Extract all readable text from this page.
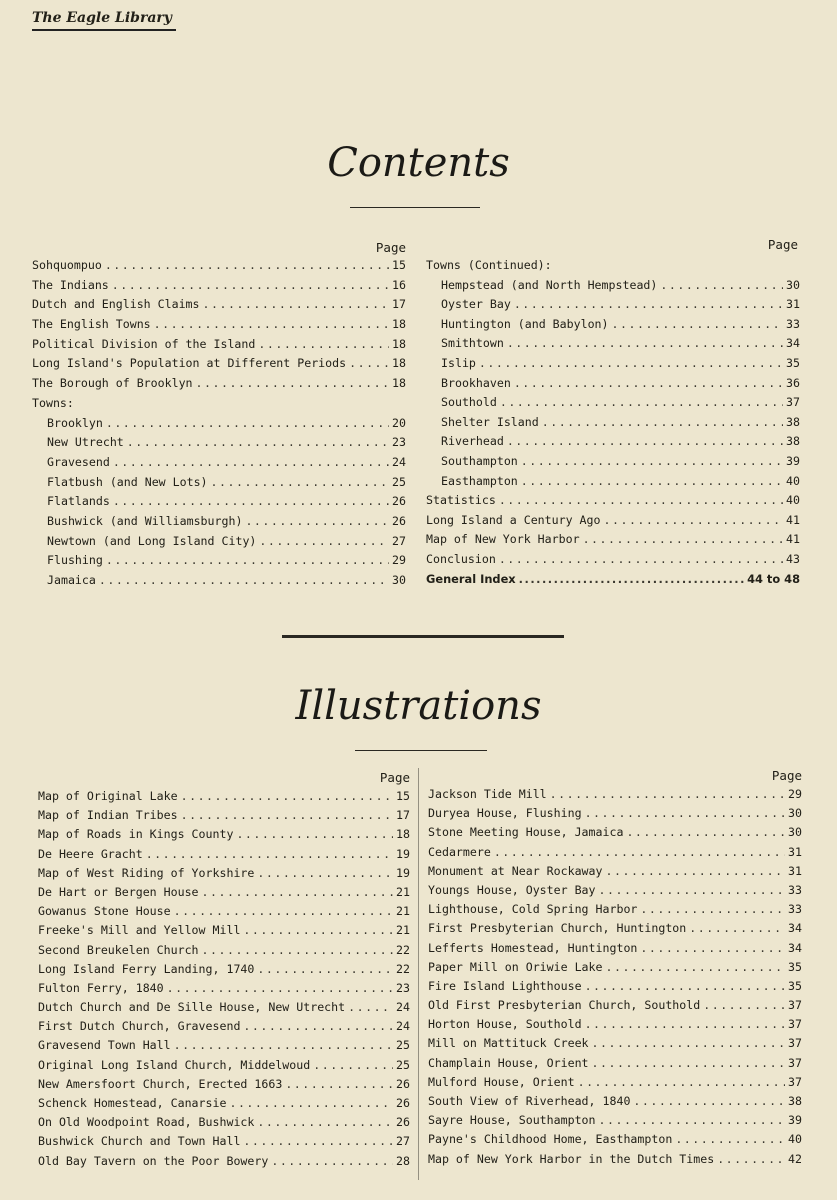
The Eagle Library
Contents
Page	Page
Sohquompuo .....	15
The Indians .....	16
Dutch and English Claims .....	17
The English Towns .....	18
Political Division of the Island .....	18
Long Island's Population at Different Periods .....	18
The Borough of Brooklyn .....	18
Towns:
Brooklyn .....	20
New Utrecht .....	23
Gravesend .....	24
Flatbush (and New Lots) .....	25
Flatlands .....	26
Bushwick (and Williamsburgh) .....	26
Newtown (and Long Island City) .....	27
Flushing .....	29
Jamaica .....	30
Towns (Continued):
Hempstead (and North Hempstead) .....	30
Oyster Bay .....	31
Huntington (and Babylon) .....	33
Smithtown .....	34
Islip .....	35
Brookhaven .....	36
Southold .....	37
Shelter Island .....	38
Riverhead .....	38
Southampton .....	39
Easthampton .....	40
Statistics .....	40
Long Island a Century Ago .....	41
Map of New York Harbor .....	41
Conclusion .....	43
General Index .....	44 to 48
Illustrations
Page	Page
Map of Original Lake .....	15
Map of Indian Tribes .....	17
Map of Roads in Kings County .....	18
De Heere Gracht .....	19
Map of West Riding of Yorkshire .....	19
De Hart or Bergen House .....	21
Gowanus Stone House .....	21
Freeke's Mill and Yellow Mill .....	21
Second Breukelen Church .....	22
Long Island Ferry Landing, 1740 .....	22
Fulton Ferry, 1840 .....	23
Dutch Church and De Sille House, New Utrecht .....	24
First Dutch Church, Gravesend .....	24
Gravesend Town Hall .....	25
Original Long Island Church, Middelwoud .....	25
New Amersfoort Church, Erected 1663 .....	26
Schenck Homestead, Canarsie .....	26
On Old Woodpoint Road, Bushwick .....	26
Bushwick Church and Town Hall .....	27
Old Bay Tavern on the Poor Bowery .....	28
Jackson Tide Mill .....	29
Duryea House, Flushing .....	30
Stone Meeting House, Jamaica .....	30
Cedarmere .....	31
Monument at Near Rockaway .....	31
Youngs House, Oyster Bay .....	33
Lighthouse, Cold Spring Harbor .....	33
First Presbyterian Church, Huntington .....	34
Lefferts Homestead, Huntington .....	34
Paper Mill on Oriwie Lake .....	35
Fire Island Lighthouse .....	35
Old First Presbyterian Church, Southold .....	37
Horton House, Southold .....	37
Mill on Mattituck Creek .....	37
Champlain House, Orient .....	37
Mulford House, Orient .....	37
South View of Riverhead, 1840 .....	38
Sayre House, Southampton .....	39
Payne's Childhood Home, Easthampton .....	40
Map of New York Harbor in the Dutch Times .....	42
